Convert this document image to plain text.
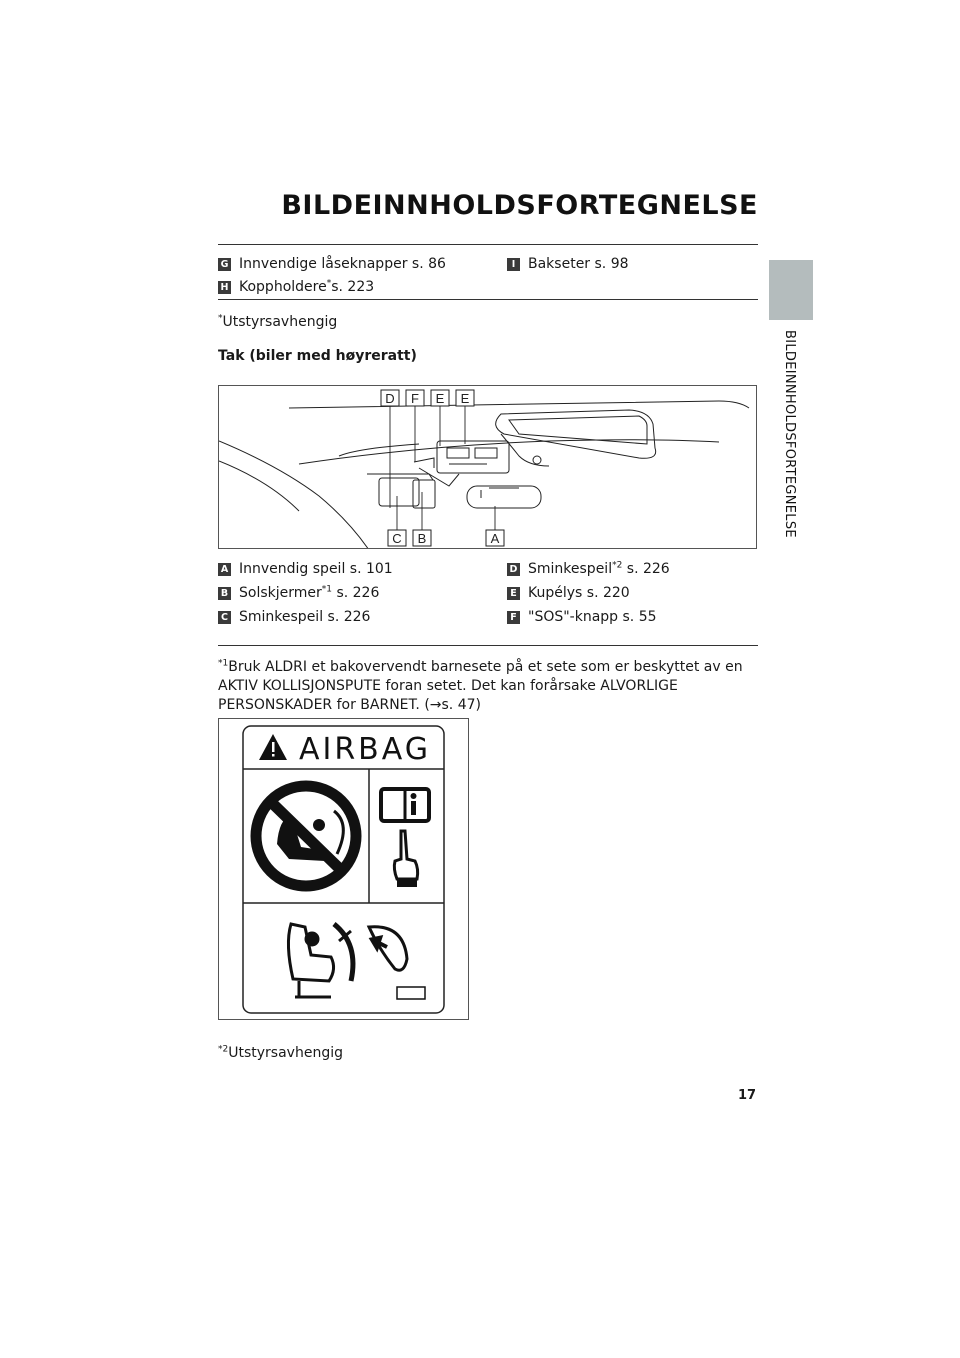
BILDEINNHOLDSFORTEGNELSE
BILDEINNHOLDSFORTEGNELSE
G Innvendige låseknapper s. 86	I Bakseter s. 98
H Koppholdere*s. 223
*Utstyrsavhengig
Tak (biler med høyreratt)
D F E E
C B	A
A Innvendig speil s. 101
B Solskjermer$^{*1}$ s. 226
C Sminkespeil s. 226
D Sminkespeil$^{*2}$ s. 226
E Kupélys s. 220
F "SOS"-knapp s. 55
$^{*1}$Bruk ALDRI et bakovervendt barnesete på et sete som er beskyttet av en AKTIV KOLLISJONSPUTE foran setet. Det kan forårsake ALVORLIGE PERSONSKADER for BARNET. (→s. 47)
AIRBAG
$^{*2}$Utstyrsavhengig
17
